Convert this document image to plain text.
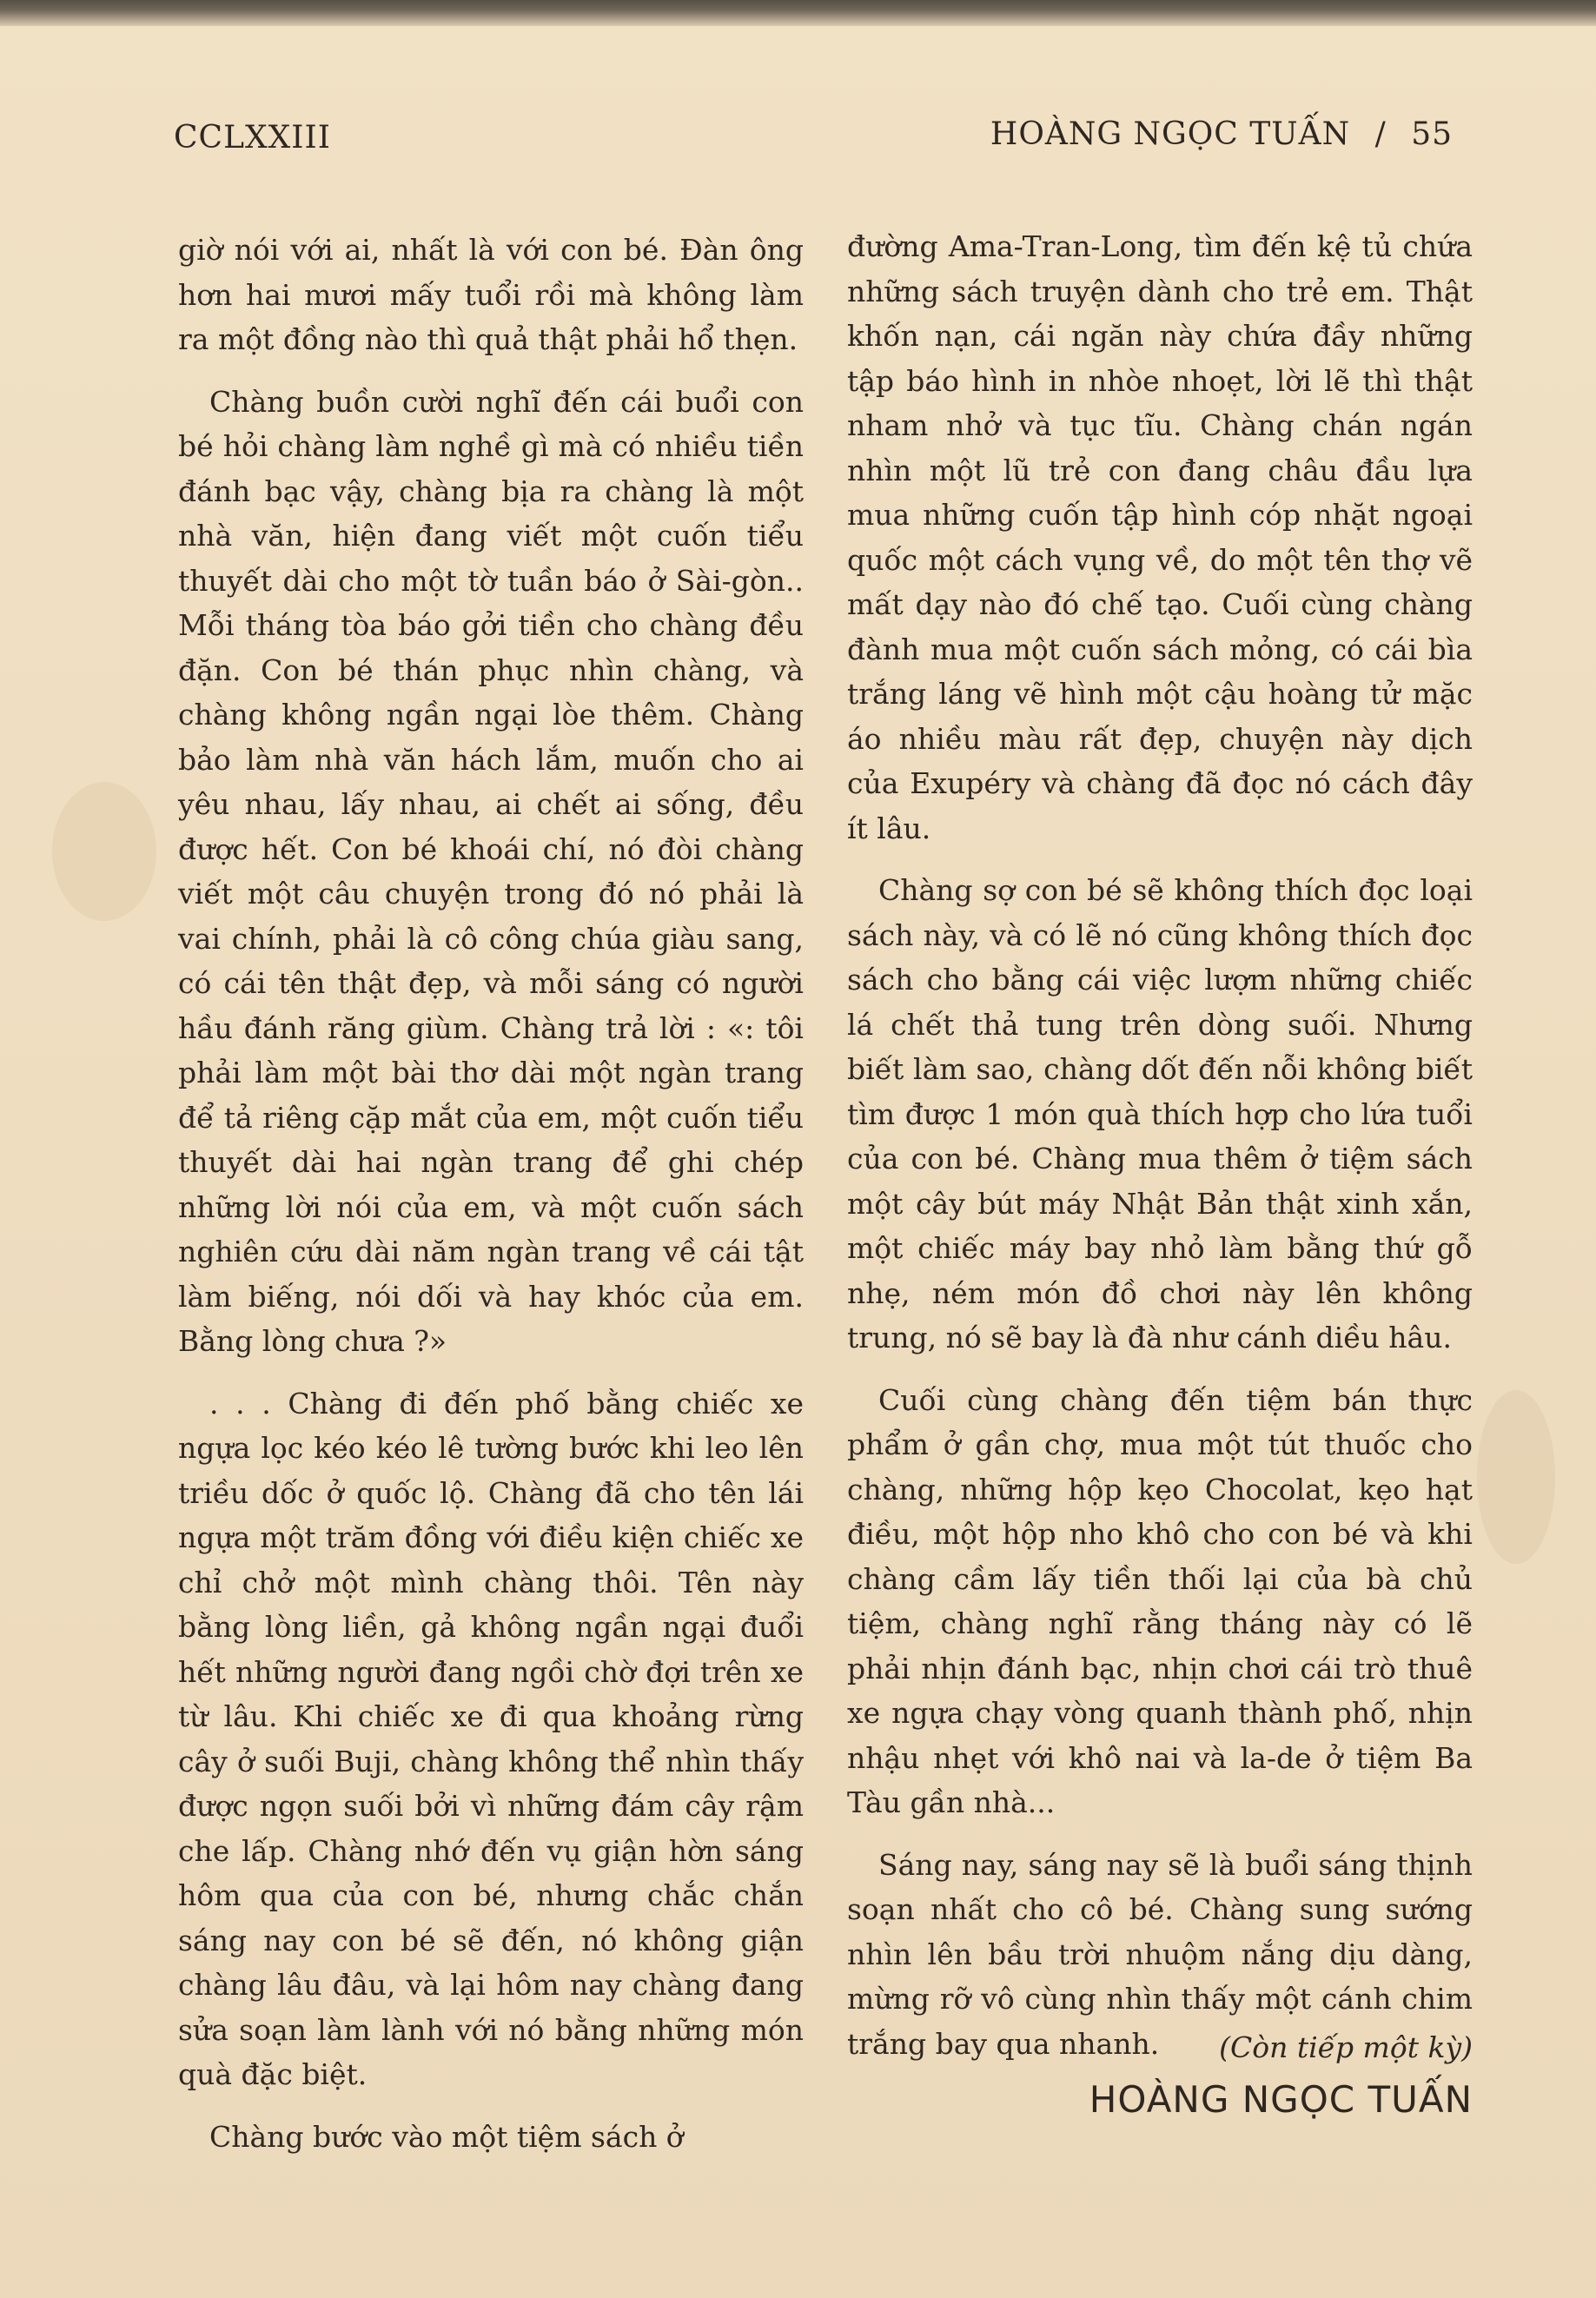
CCLXXIII	HOÀNG NGỌC TUẤN / 55

giờ nói với ai, nhất là với con bé. Đàn ông hơn hai mươi mấy tuổi rồi mà không làm ra một đồng nào thì quả thật phải hổ thẹn.

Chàng buồn cười nghĩ đến cái buổi con bé hỏi chàng làm nghề gì mà có nhiều tiền đánh bạc vậy, chàng bịa ra chàng là một nhà văn, hiện đang viết một cuốn tiểu thuyết dài cho một tờ tuần báo ở Sài-gòn.. Mỗi tháng tòa báo gởi tiền cho chàng đều đặn. Con bé thán phục nhìn chàng, và chàng không ngần ngại lòe thêm. Chàng bảo làm nhà văn hách lắm, muốn cho ai yêu nhau, lấy nhau, ai chết ai sống, đều được hết. Con bé khoái chí, nó đòi chàng viết một câu chuyện trong đó nó phải là vai chính, phải là cô công chúa giàu sang, có cái tên thật đẹp, và mỗi sáng có người hầu đánh răng giùm. Chàng trả lời : «: tôi phải làm một bài thơ dài một ngàn trang để tả riêng cặp mắt của em, một cuốn tiểu thuyết dài hai ngàn trang để ghi chép những lời nói của em, và một cuốn sách nghiên cứu dài năm ngàn trang về cái tật làm biếng, nói dối và hay khóc của em. Bằng lòng chưa ?»

. . . Chàng đi đến phố bằng chiếc xe ngựa lọc kéo kéo lê tường bước khi leo lên triều dốc ở quốc lộ. Chàng đã cho tên lái ngựa một trăm đồng với điều kiện chiếc xe chỉ chở một mình chàng thôi. Tên này bằng lòng liền, gả không ngần ngại đuổi hết những người đang ngồi chờ đợi trên xe từ lâu. Khi chiếc xe đi qua khoảng rừng cây ở suối Buji, chàng không thể nhìn thấy được ngọn suối bởi vì những đám cây rậm che lấp. Chàng nhớ đến vụ giận hờn sáng hôm qua của con bé, nhưng chắc chắn sáng nay con bé sẽ đến, nó không giận chàng lâu đâu, và lại hôm nay chàng đang sửa soạn làm lành với nó bằng những món quà đặc biệt.

Chàng bước vào một tiệm sách ở

đường Ama-Tran-Long, tìm đến kệ tủ chứa những sách truyện dành cho trẻ em. Thật khốn nạn, cái ngăn này chứa đầy những tập báo hình in nhòe nhoẹt, lời lẽ thì thật nham nhở và tục tĩu. Chàng chán ngán nhìn một lũ trẻ con đang châu đầu lựa mua những cuốn tập hình cóp nhặt ngoại quốc một cách vụng về, do một tên thợ vẽ mất dạy nào đó chế tạo. Cuối cùng chàng đành mua một cuốn sách mỏng, có cái bìa trắng láng vẽ hình một cậu hoàng tử mặc áo nhiều màu rất đẹp, chuyện này dịch của Exupéry và chàng đã đọc nó cách đây ít lâu.

Chàng sợ con bé sẽ không thích đọc loại sách này, và có lẽ nó cũng không thích đọc sách cho bằng cái việc lượm những chiếc lá chết thả tung trên dòng suối. Nhưng biết làm sao, chàng dốt đến nỗi không biết tìm được 1 món quà thích hợp cho lứa tuổi của con bé. Chàng mua thêm ở tiệm sách một cây bút máy Nhật Bản thật xinh xắn, một chiếc máy bay nhỏ làm bằng thứ gỗ nhẹ, ném món đồ chơi này lên không trung, nó sẽ bay là đà như cánh diều hâu.

Cuối cùng chàng đến tiệm bán thực phẩm ở gần chợ, mua một tút thuốc cho chàng, những hộp kẹo Chocolat, kẹo hạt điều, một hộp nho khô cho con bé và khi chàng cầm lấy tiền thối lại của bà chủ tiệm, chàng nghĩ rằng tháng này có lẽ phải nhịn đánh bạc, nhịn chơi cái trò thuê xe ngựa chạy vòng quanh thành phố, nhịn nhậu nhẹt với khô nai và la-de ở tiệm Ba Tàu gần nhà...

Sáng nay, sáng nay sẽ là buổi sáng thịnh soạn nhất cho cô bé. Chàng sung sướng nhìn lên bầu trời nhuộm nắng dịu dàng, mừng rỡ vô cùng nhìn thấy một cánh chim trắng bay qua nhanh.	(Còn tiếp một kỳ)
HOÀNG NGỌC TUẤN
